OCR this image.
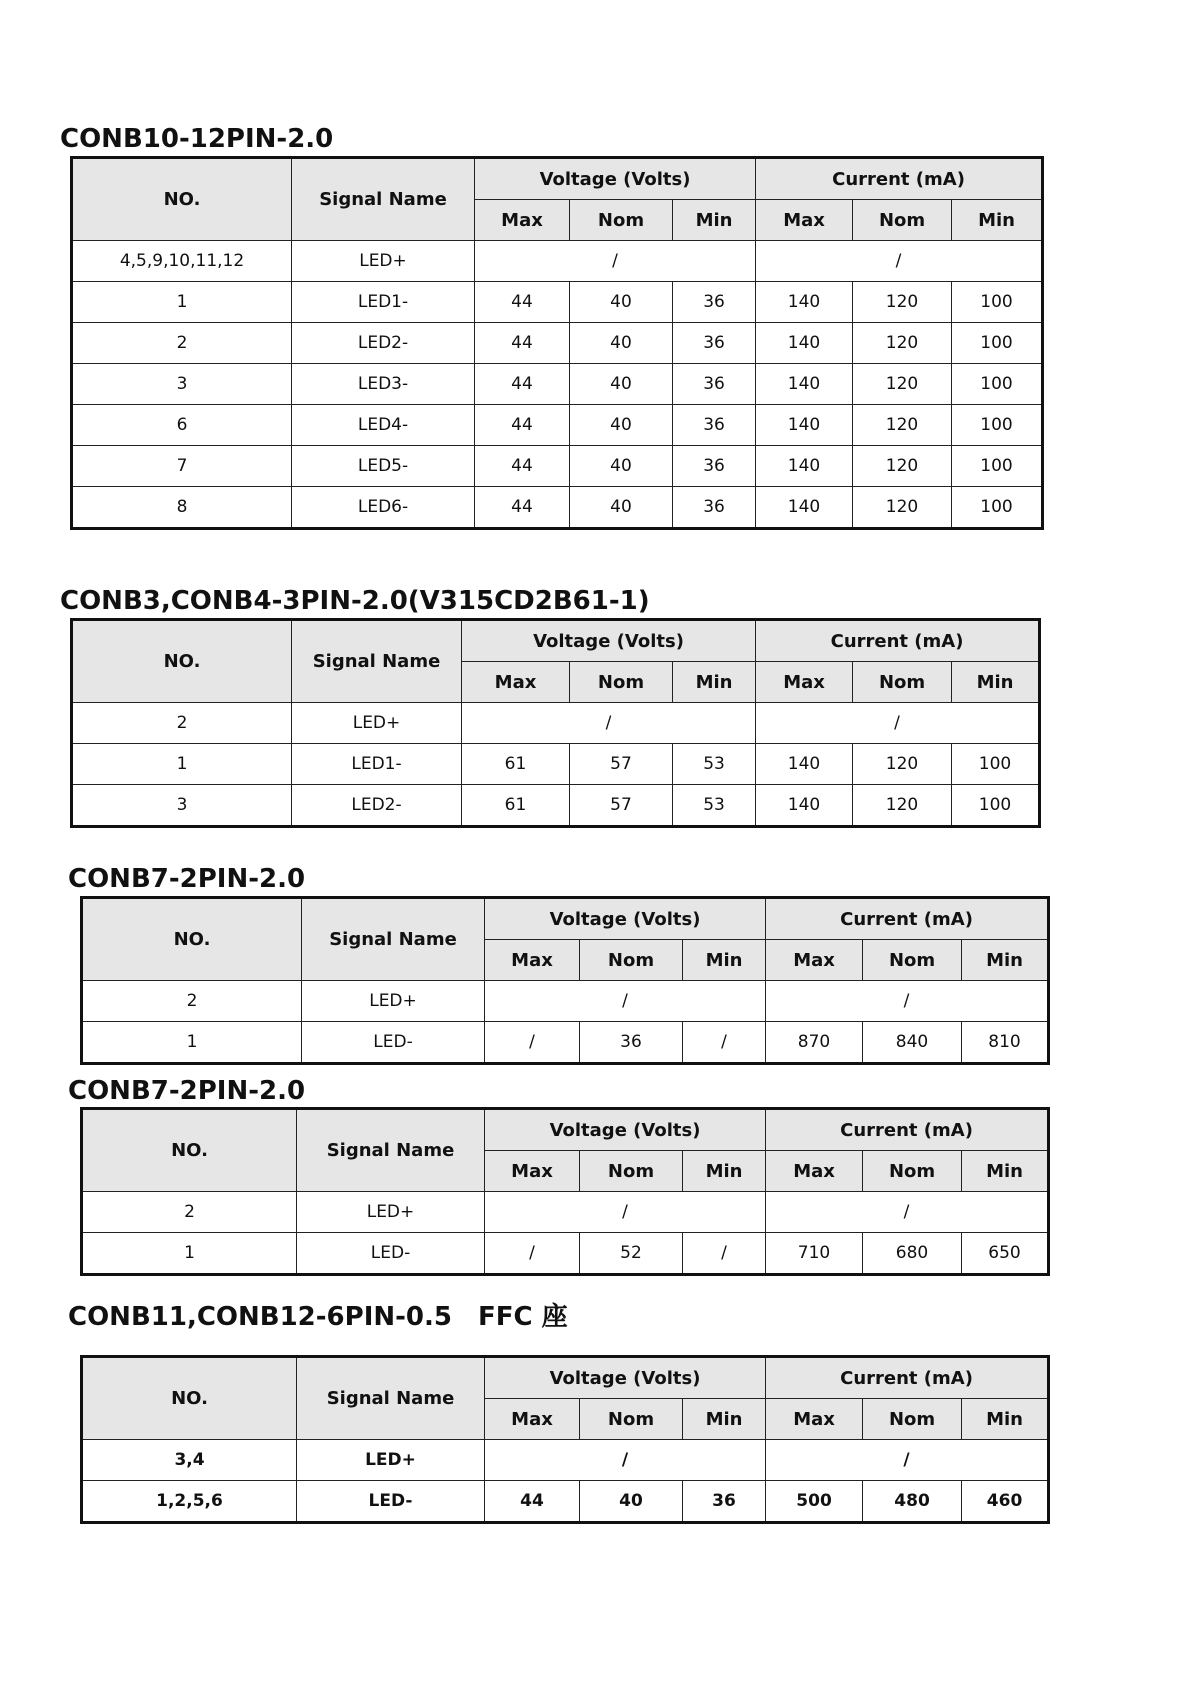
CONB10-12PIN-2.0
NO.	Signal Name	Voltage (Volts)			Current (mA)		
		Max	Nom	Min	Max	Nom	Min
4,5,9,10,11,12	LED+	/			/		
1	LED1-	44	40	36	140	120	100
2	LED2-	44	40	36	140	120	100
3	LED3-	44	40	36	140	120	100
6	LED4-	44	40	36	140	120	100
7	LED5-	44	40	36	140	120	100
8	LED6-	44	40	36	140	120	100
CONB3,CONB4-3PIN-2.0(V315CD2B61-1)
NO.	Signal Name	Voltage (Volts)			Current (mA)		
		Max	Nom	Min	Max	Nom	Min
2	LED+	/			/		
1	LED1-	61	57	53	140	120	100
3	LED2-	61	57	53	140	120	100
CONB7-2PIN-2.0
NO.	Signal Name	Voltage (Volts)			Current (mA)		
		Max	Nom	Min	Max	Nom	Min
2	LED+	/			/		
1	LED-	/	36	/	870	840	810
CONB7-2PIN-2.0
NO.	Signal Name	Voltage (Volts)			Current (mA)		
		Max	Nom	Min	Max	Nom	Min
2	LED+	/			/		
1	LED-	/	52	/	710	680	650
CONB11,CONB12-6PIN-0.5　FFC 座
NO.	Signal Name	Voltage (Volts)			Current (mA)		
		Max	Nom	Min	Max	Nom	Min
3,4	LED+	/			/		
1,2,5,6	LED-	44	40	36	500	480	460
